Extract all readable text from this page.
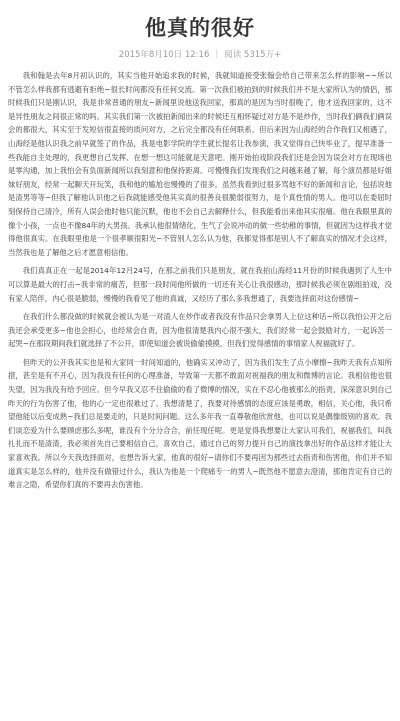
他真的很好
2015年8月10日 12:16 | 阅读 5315万+

我和翰是去年8月初认识的，其实当他开始追求我的时候，我就知道接受张翰会给自己带来怎么样的影响~~所以不管怎么样我都有逃避有拒绝~很长时间都没有任何交流。第一次我们被拍到的时候我们并不是大家所认为的情侣，那时候我们只是刚认识，我是非常普通的朋友~新闻里说他送我回家，那真的是因为当时很晚了，他才送我回家的，这不是异性朋友之间很正常的吗。其实我们第一次被拍新闻出来的时候还互相怀疑过对方是不是炒作，当时我们俩我们俩误会的都很大，其实至于发短信很直接的质问对方，之后完全都没有任何联系。但后来因为山海经的合作我们又相遇了，山海经是他认识我之前早就签了的作品，我是电影学院的学生就长提名让我参演，我又觉得自己快毕业了，提早准备一些我能自主处理的，我更想自己发挥、在想一想这可能就是天意吧。刚开始拍戏阶段我们还是会因为误会对方在现场也是零沟通，加上我怕会有负面新闻所以我刻意和他保持距离。可慢慢我们发现我们之间越来越了解，每个演员都是好姐妹好朋友，经常一起聊天开玩笑，我和他的尴尬也慢慢的了很多。虽然我看到过很多骂他不好的新闻和言论，包括说他是渣男等等~但我了解他认识他之后我就能感受他其实真的很善良很脆弱很努力，是个真性情的男人。他可以在委屈时刻保持自己清冷，所有人误会他时他只能沉默，他也不会自己去解释什么，但我能看出来他其实很痛。他在我眼里真的像个小孩，一点也不像84年的大男孩。我承认他很情绪化，生气了会说冲动的做一些幼稚的事情，但就因为这样我才觉得他很真实。在我眼里他是一个很孝顺很阳光~不管别人怎么认为他，我都觉得那是别人不了解真实的情况才会这样，当然我也是了解他之后才愿意相信他。

我们真真正在一起是2014年12月24号，在那之前我们只是朋友，就在我拍山海经11月份的时候我遇到了人生中可以算是最大的打击~我非常的痛苦，但那一段时间他所做的一切还有关心让我很感动，那时候我必须在剧组拍戏，没有家人陪伴，内心很是脆弱，慢慢的我看见了他的真诚，又经历了那么多我想通了，我要选择面对这份感情~

在我们什么都没做的时候就会被认为是一对渣人在炒作或者我没有作品只会拿男人上位这种话~所以我怕公开之后我还会承受更多~他也会担心，也经常会自责，因为他很清楚我内心很不强大，我们经常一起会鼓励对方，一起诉苦一起哭~在那段期间我们就选择了不公开，即使知道会被说偷偷摸摸，但我们觉得感情的事情家人祝福就好了。

但昨天的公开我其实也是和大家同一时间知道的，他确实又冲动了，因为我们发生了点小摩擦~我昨天我有点知所措，甚至是有不开心，因为我没有任何的心理准备，导致第一天都不敢面对祝福我的朋友和微博的言论。我相信他也很失望，因为我没有给予回应。但今早我又忍不住偷偷的看了微博的情况，实在不忍心他被那么的指责，深深意识到自己昨天的行为伤害了他，他的心一定也很难过了。我想清楚了，我要对待感情的态度应该是勇敢，相信，关心他，我只希望他能以后变成熟~我们总是要走的，只是时间问题。这么多年我一直尊敬他欣赏他，也可以说是偶像级别的喜欢。我们谈恋爱为什么要顾虑那么多呢，谁没有个分分合合，前任现任呢。更是觉得我想要让大家认可我们，祝福我们，叫我扎扎而不是渣渣，我必须首先自己要相信自己，喜欢自己，通过自己的努力提升自己的演技拿出好的作品这样才能让大家喜欢我。所以今天我选择面对，也想告诉大家，他真的很好~请你们不要再因为那些过去指责和伤害他，你们并不知道真实是怎么样的，他并没有做错过什么，我认为他是一个爬痛专一的男人~既然他不愿意去澄清，那他肯定有自己的难言之隐，希望你们真的不要再去伤害他。
